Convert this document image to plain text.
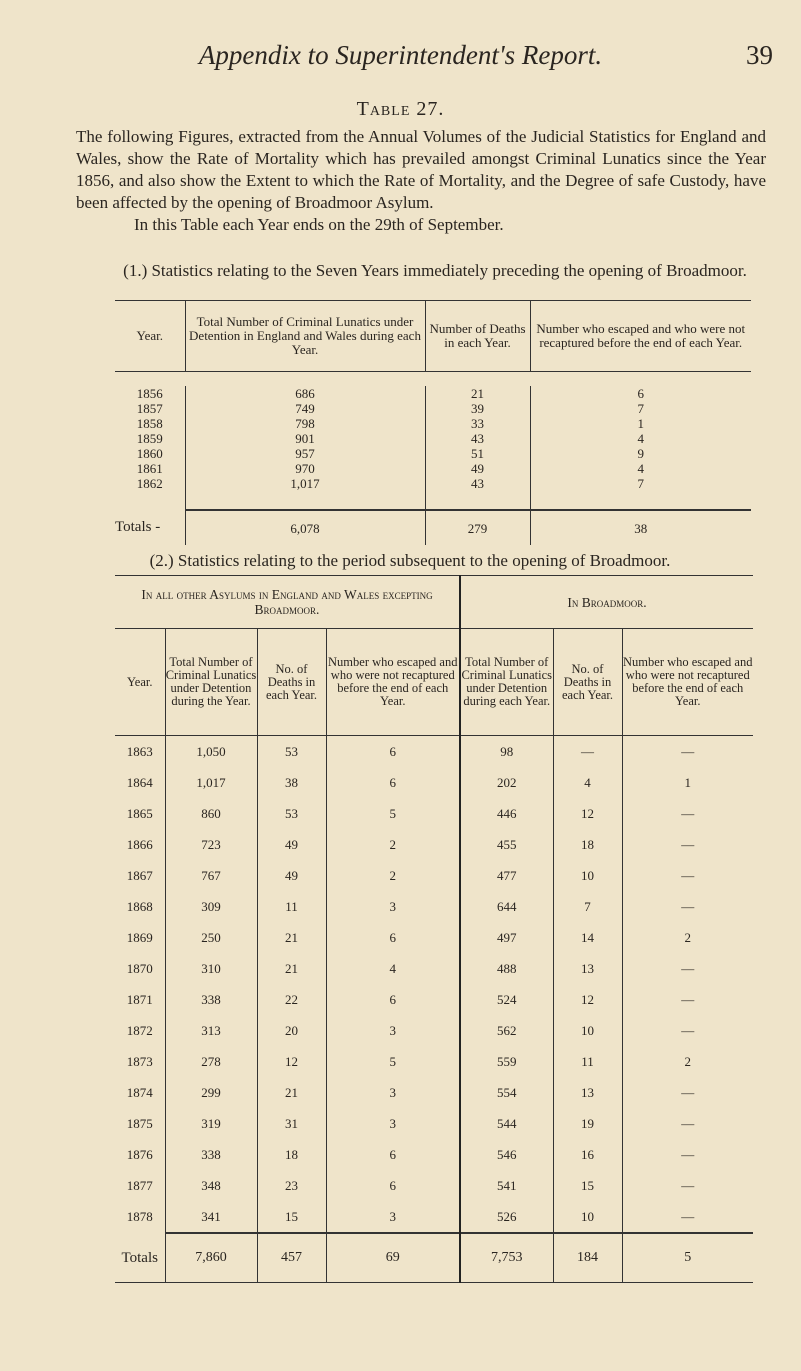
Appendix to Superintendent's Report.	39
Table 27.

The following Figures, extracted from the Annual Volumes of the Judicial Statistics for England and Wales, show the Rate of Mortality which has prevailed amongst Criminal Lunatics since the Year 1856, and also show the Extent to which the Rate of Mortality, and the Degree of safe Custody, have been affected by the opening of Broadmoor Asylum.

In this Table each Year ends on the 29th of September.

(1.) Statistics relating to the Seven Years immediately preceding the opening of Broadmoor.
Year.	Total Number of Criminal Lunatics under Detention in England and Wales during each Year.	Number of Deaths in each Year.	Number who escaped and who were not recaptured before the end of each Year.

1856	686	21	6
1857	749	39	7
1858	798	33	1
1859	901	43	4
1860	957	51	9
1861	970	49	4
1862	1,017	43	7

Totals -	6,078	279	38
(2.) Statistics relating to the period subsequent to the opening of Broadmoor.
In all other Asylums in England and Wales excepting Broadmoor.				In Broadmoor.		
Year.	Total Number of Criminal Lunatics under Detention during the Year.	No. of Deaths in each Year.	Number who escaped and who were not recaptured before the end of each Year.	Total Number of Criminal Lunatics under Detention during each Year.	No. of Deaths in each Year.	Number who escaped and who were not recaptured before the end of each Year.
1863	1,050	53	6	98	—	—
1864	1,017	38	6	202	4	1
1865	860	53	5	446	12	—
1866	723	49	2	455	18	—
1867	767	49	2	477	10	—
1868	309	11	3	644	7	—
1869	250	21	6	497	14	2
1870	310	21	4	488	13	—
1871	338	22	6	524	12	—
1872	313	20	3	562	10	—
1873	278	12	5	559	11	2
1874	299	21	3	554	13	—
1875	319	31	3	544	19	—
1876	338	18	6	546	16	—
1877	348	23	6	541	15	—
1878	341	15	3	526	10	—
Totals	7,860	457	69	7,753	184	5
